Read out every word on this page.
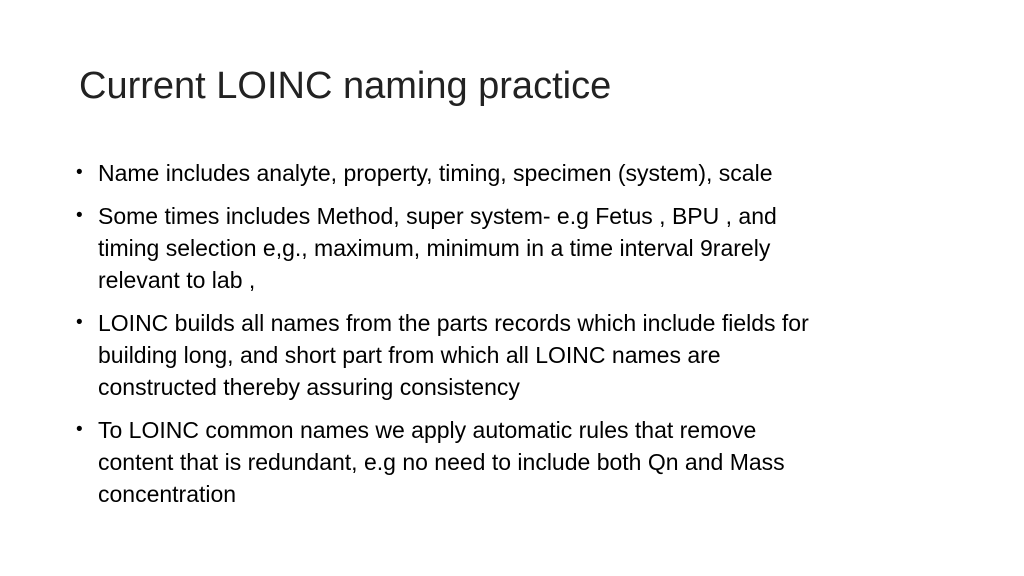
Current LOINC naming practice
• Name includes analyte, property, timing, specimen (system), scale
• Some times includes Method, super system- e.g Fetus , BPU , and
timing selection e,g., maximum, minimum in a time interval 9rarely
relevant to lab ,
• LOINC builds all names from the parts records which include fields for
building long, and short part from which all LOINC names are
constructed thereby assuring consistency
• To LOINC common names we apply automatic rules that remove
content that is redundant, e.g no need to include both Qn and Mass
concentration
